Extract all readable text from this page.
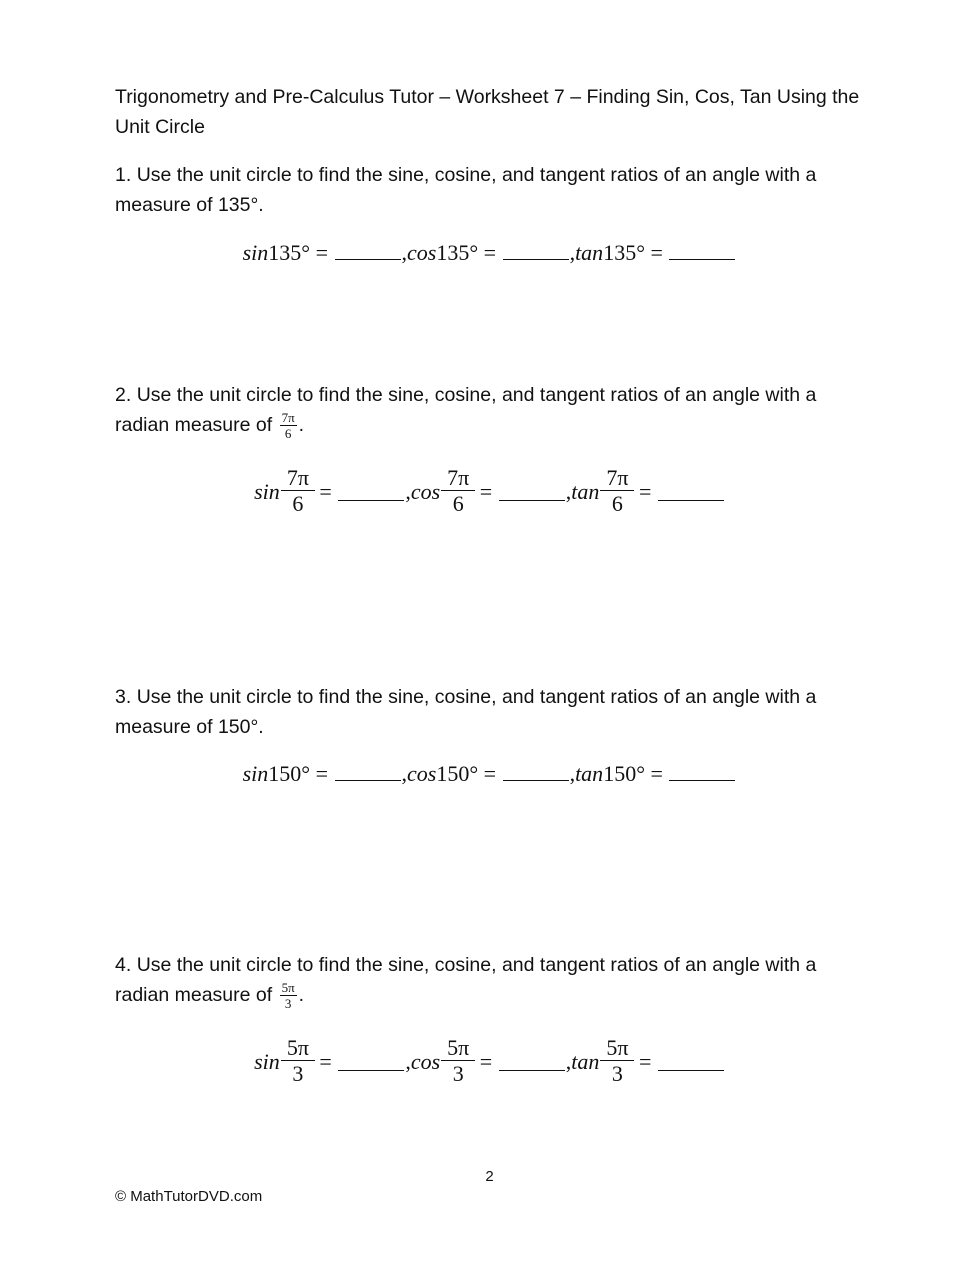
Trigonometry and Pre-Calculus Tutor – Worksheet 7 – Finding Sin, Cos, Tan Using the Unit Circle
1. Use the unit circle to find the sine, cosine, and tangent ratios of an angle with a measure of 135°.
sin135° =	,cos135° =	,tan135° =
2. Use the unit circle to find the sine, cosine, and tangent ratios of an angle with a radian measure of $\frac{7\pi}{6}$ .
$\sin \frac{7\pi}{6}$
=
	, $\cos \frac{7\pi}{6}$
=
	, $\tan \frac{7\pi}{6}$
=

3. Use the unit circle to find the sine, cosine, and tangent ratios of an angle with a measure of 150°.
sin150° =	,cos150° =	,tan150° =
4. Use the unit circle to find the sine, cosine, and tangent ratios of an angle with a radian measure of $\frac{5\pi}{3}$ .
$\sin \frac{5\pi}{3}$
=
	, $\cos \frac{5\pi}{3}$
=
	, $\tan \frac{5\pi}{3}$
=

2
© MathTutorDVD.com
